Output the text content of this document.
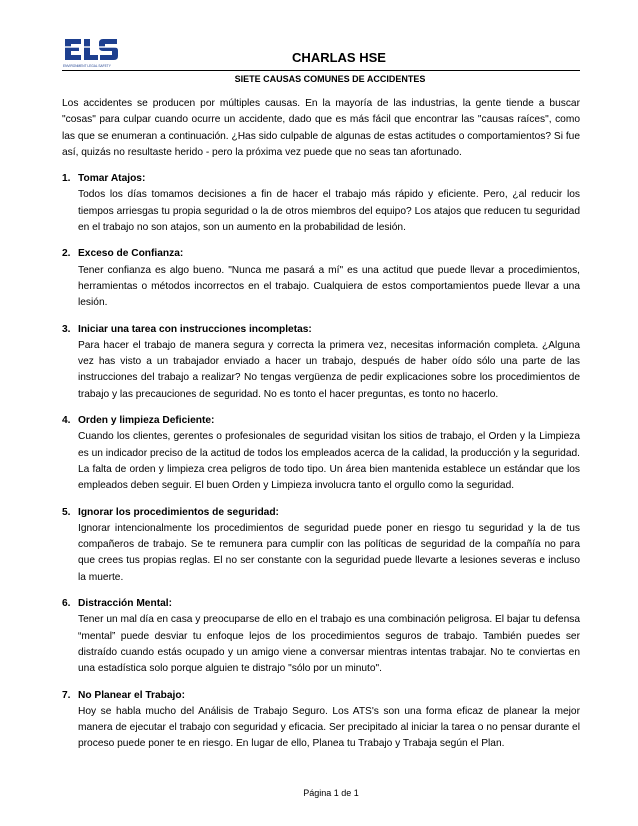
ENVIRONMENT LEGAL SAFETY
CHARLAS HSE
SIETE CAUSAS COMUNES DE ACCIDENTES

Los accidentes se producen por múltiples causas. En la mayoría de las industrias, la gente tiende a buscar "cosas" para culpar cuando ocurre un accidente, dado que es más fácil que encontrar las "causas raíces", como las que se enumeran a continuación. ¿Has sido culpable de algunas de estas actitudes o comportamientos? Si fue así, quizás no resultaste herido - pero la próxima vez puede que no seas tan afortunado.

1. Tomar Atajos:

Todos los días tomamos decisiones a fin de hacer el trabajo más rápido y eficiente. Pero, ¿al reducir los tiempos arriesgas tu propia seguridad o la de otros miembros del equipo? Los atajos que reducen tu seguridad en el trabajo no son atajos, son un aumento en la probabilidad de lesión.

2. Exceso de Confianza:

Tener confianza es algo bueno. "Nunca me pasará a mí" es una actitud que puede llevar a procedimientos, herramientas o métodos incorrectos en el trabajo. Cualquiera de estos comportamientos puede llevar a una lesión.

3. Iniciar una tarea con instrucciones incompletas:

Para hacer el trabajo de manera segura y correcta la primera vez, necesitas información completa. ¿Alguna vez has visto a un trabajador enviado a hacer un trabajo, después de haber oído sólo una parte de las instrucciones del trabajo a realizar? No tengas vergüenza de pedir explicaciones sobre los procedimientos de trabajo y las precauciones de seguridad. No es tonto el hacer preguntas, es tonto no hacerlo.

4. Orden y limpieza Deficiente:

Cuando los clientes, gerentes o profesionales de seguridad visitan los sitios de trabajo, el Orden y la Limpieza es un indicador preciso de la actitud de todos los empleados acerca de la calidad, la producción y la seguridad. La falta de orden y limpieza crea peligros de todo tipo. Un área bien mantenida establece un estándar que los empleados deben seguir. El buen Orden y Limpieza involucra tanto el orgullo como la seguridad.

5. Ignorar los procedimientos de seguridad:

Ignorar intencionalmente los procedimientos de seguridad puede poner en riesgo tu seguridad y la de tus compañeros de trabajo. Se te remunera para cumplir con las políticas de seguridad de la compañía no para que crees tus propias reglas. El no ser constante con la seguridad puede llevarte a lesiones severas e incluso la muerte.

6. Distracción Mental:

Tener un mal día en casa y preocuparse de ello en el trabajo es una combinación peligrosa. El bajar tu defensa “mental” puede desviar tu enfoque lejos de los procedimientos seguros de trabajo. También puedes ser distraído cuando estás ocupado y un amigo viene a conversar mientras intentas trabajar. No te conviertas en una estadística solo porque alguien te distrajo "sólo por un minuto".

7. No Planear el Trabajo:

Hoy se habla mucho del Análisis de Trabajo Seguro. Los ATS's son una forma eficaz de planear la mejor manera de ejecutar el trabajo con seguridad y eficacia. Ser precipitado al iniciar la tarea o no pensar durante el proceso puede poner te en riesgo. En lugar de ello, Planea tu Trabajo y Trabaja según el Plan.

Página 1 de 1
